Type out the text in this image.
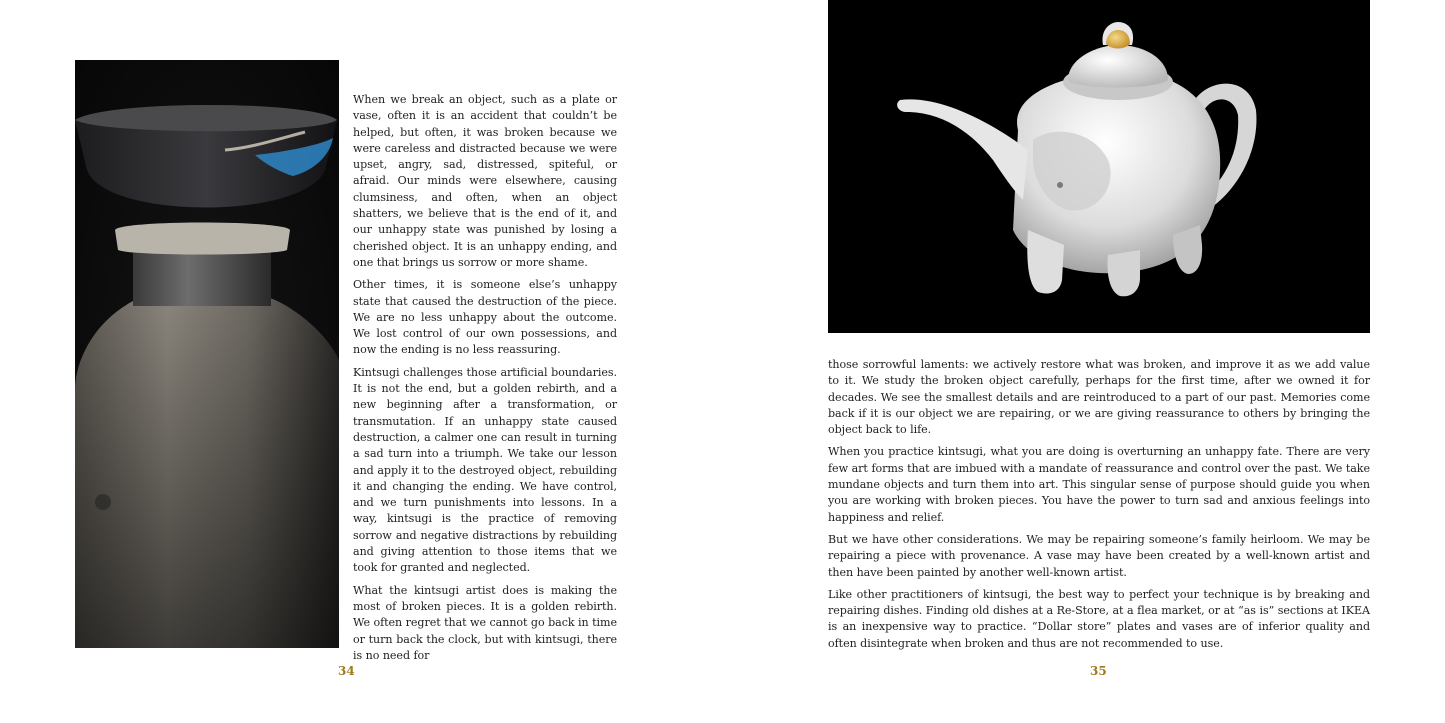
When we break an object, such as a plate or vase, often it is an accident that couldn’t be helped, but often, it was broken because we were careless and distracted because we were upset, angry, sad, distressed, spiteful, or afraid. Our minds were elsewhere, causing clumsiness, and often, when an object shatters, we believe that is the end of it, and our unhappy state was punished by losing a cherished object. It is an unhappy ending, and one that brings us sorrow or more shame.

Other times, it is someone else’s unhappy state that caused the destruction of the piece. We are no less unhappy about the outcome. We lost control of our own possessions, and now the ending is no less reassuring.

Kintsugi challenges those artificial boundaries. It is not the end, but a golden rebirth, and a new beginning after a transformation, or transmutation. If an unhappy state caused destruction, a calmer one can result in turning a sad turn into a triumph. We take our lesson and apply it to the destroyed object, rebuilding it and changing the ending. We have control, and we turn punishments into lessons. In a way, kintsugi is the practice of removing sorrow and negative distractions by rebuilding and giving attention to those items that we took for granted and neglected.

What the kintsugi artist does is making the most of broken pieces. It is a golden rebirth. We often regret that we cannot go back in time or turn back the clock, but with kintsugi, there is no need for

34

those sorrowful laments: we actively restore what was broken, and improve it as we add value to it. We study the broken object carefully, perhaps for the first time, after we owned it for decades. We see the smallest details and are reintroduced to a part of our past. Memories come back if it is our object we are repairing, or we are giving reassurance to others by bringing the object back to life.

When you practice kintsugi, what you are doing is overturning an unhappy fate. There are very few art forms that are imbued with a mandate of reassurance and control over the past. We take mundane objects and turn them into art. This singular sense of purpose should guide you when you are working with broken pieces. You have the power to turn sad and anxious feelings into happiness and relief.

But we have other considerations. We may be repairing someone’s family heirloom. We may be repairing a piece with provenance. A vase may have been created by a well-known artist and then have been painted by another well-known artist.

Like other practitioners of kintsugi, the best way to perfect your technique is by breaking and repairing dishes. Finding old dishes at a Re-Store, at a flea market, or at “as is” sections at IKEA is an inexpensive way to practice. “Dollar store” plates and vases are of inferior quality and often disintegrate when broken and thus are not recommended to use.

35
